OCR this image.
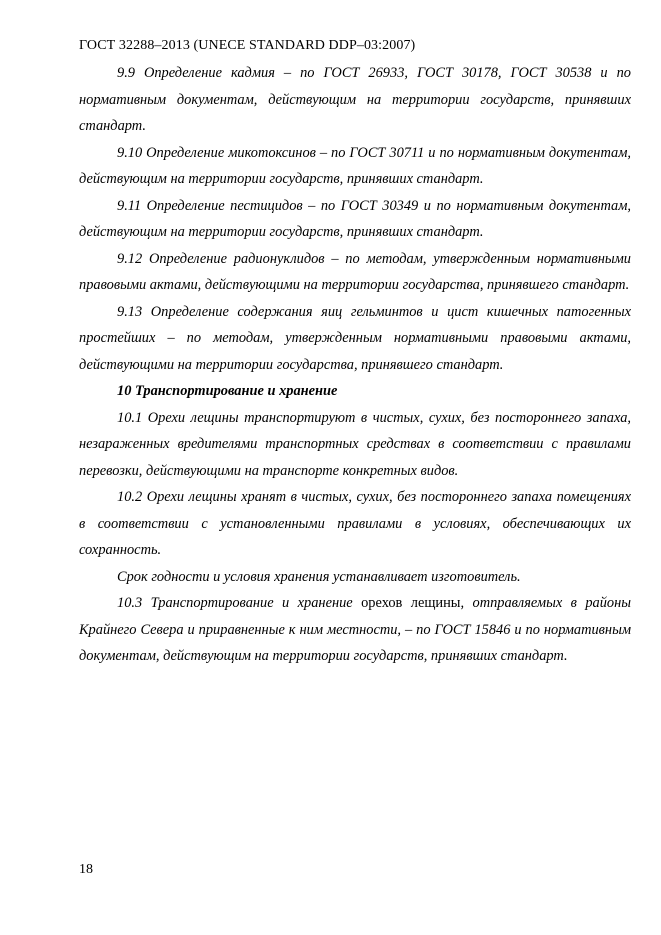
ГОСТ 32288–2013 (UNECE STANDARD DDP–03:2007)

9.9 Определение кадмия – по ГОСТ 26933, ГОСТ 30178, ГОСТ 30538 и по нормативным документам, действующим на территории государств, принявших стандарт.

9.10 Определение микотоксинов – по ГОСТ 30711 и по нормативным докуmентам, действующим на территории государств, принявших стандарт.

9.11 Определение пестицидов – по ГОСТ 30349 и по нормативным докуmентам, действующим на территории государств, принявших стандарт.

9.12 Определение радионуклидов – по методам, утвержденным нормативными правовыми актами, действующими на территории государства, принявшего стандарт.

9.13 Определение содержания яиц гельминтов и цист кишечных патогенных простейших – по методам, утвержденным нормативными правовыми актами, действующими на территории государства, принявшего стандарт.

10 Транспортирование и хранение

10.1 Орехи лещины транспортируют в чистых, сухих, без постороннего запаха, незараженных вредителями транспортных средствах в соответствии с правилами перевозки, действующими на транспорте конкретных видов.

10.2 Орехи лещины хранят в чистых, сухих, без постороннего запаха помещениях в соответствии с установленными правилами в условиях, обеспечивающих их сохранность.

Срок годности и условия хранения устанавливает изготовитель.

10.3 Транспортирование и хранение орехов лещины, отправляемых в районы Крайнего Севера и приравненные к ним местности, – по ГОСТ 15846 и по нормативным документам, действующим на территории государств, принявших стандарт.

18
